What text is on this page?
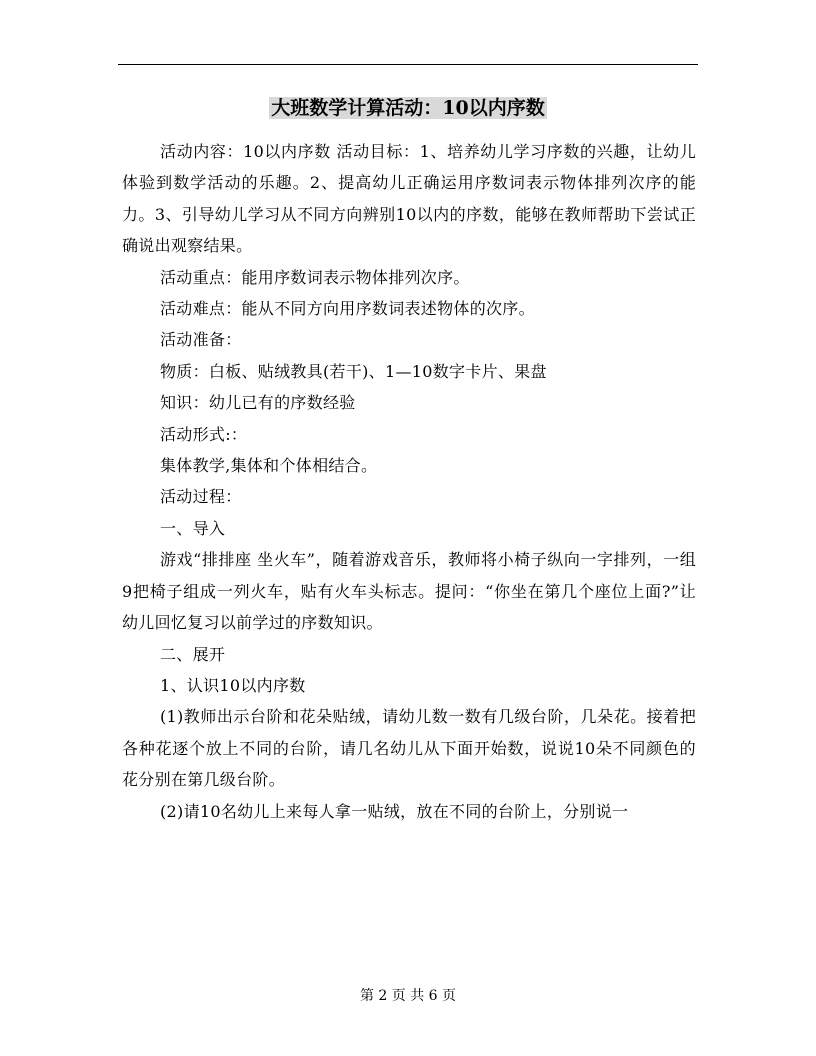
大班数学计算活动：10以内序数

活动内容：10以内序数 活动目标：1、培养幼儿学习序数的兴趣，让幼儿体验到数学活动的乐趣。2、提高幼儿正确运用序数词表示物体排列次序的能力。3、引导幼儿学习从不同方向辨别10以内的序数，能够在教师帮助下尝试正确说出观察结果。

活动重点：能用序数词表示物体排列次序。

活动难点：能从不同方向用序数词表述物体的次序。

活动准备：

物质：白板、贴绒教具(若干)、1—10数字卡片、果盘

知识：幼儿已有的序数经验

活动形式:：

集体教学,集体和个体相结合。

活动过程：

一、导入

游戏“排排座 坐火车”，随着游戏音乐，教师将小椅子纵向一字排列，一组9把椅子组成一列火车，贴有火车头标志。提问：“你坐在第几个座位上面?”让幼儿回忆复习以前学过的序数知识。

二、展开

1、认识10以内序数

(1)教师出示台阶和花朵贴绒，请幼儿数一数有几级台阶，几朵花。接着把各种花逐个放上不同的台阶，请几名幼儿从下面开始数，说说10朵不同颜色的花分别在第几级台阶。

(2)请10名幼儿上来每人拿一贴绒，放在不同的台阶上，分别说一

第 2 页 共 6 页
